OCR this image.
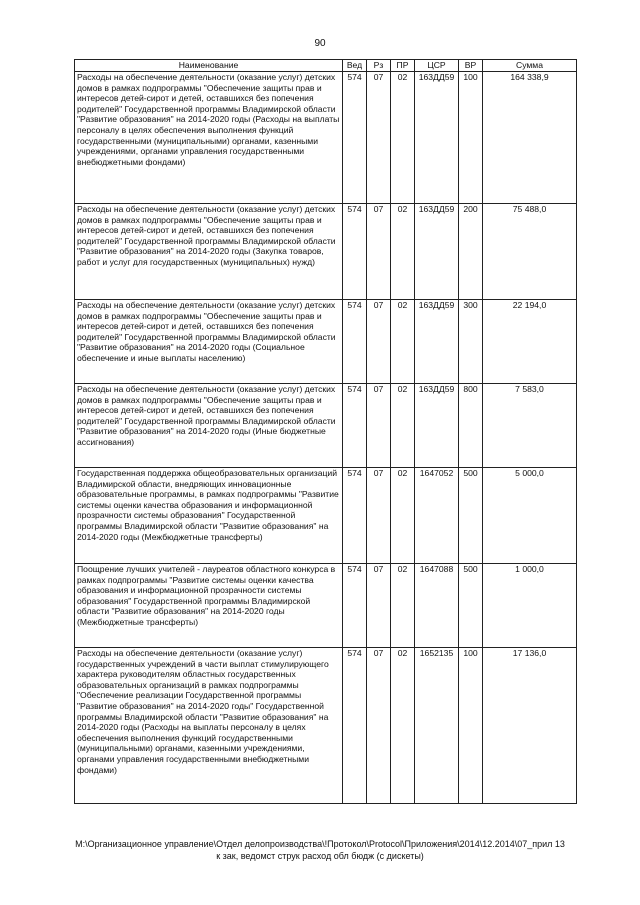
90
Наименование	Вед	Рз	ПР	ЦСР	ВР	Сумма
Расходы на обеспечение деятельности (оказание услуг) детских домов в рамках подпрограммы "Обеспечение защиты прав и интересов детей-сирот и детей, оставшихся без попечения родителей" Государственной программы Владимирской области "Развитие образования" на 2014-2020 годы (Расходы на выплаты персоналу в целях обеспечения выполнения функций государственными (муниципальными) органами, казенными учреждениями, органами управления государственными внебюджетными фондами)	574	07	02	163ДД59	100	164 338,9
Расходы на обеспечение деятельности (оказание услуг) детских домов в рамках подпрограммы "Обеспечение защиты прав и интересов детей-сирот и детей, оставшихся без попечения родителей" Государственной программы Владимирской области "Развитие образования" на 2014-2020 годы (Закупка товаров, работ и услуг для государственных (муниципальных) нужд)	574	07	02	163ДД59	200	75 488,0
Расходы на обеспечение деятельности (оказание услуг) детских домов в рамках подпрограммы "Обеспечение защиты прав и интересов детей-сирот и детей, оставшихся без попечения родителей" Государственной программы Владимирской области "Развитие образования" на 2014-2020 годы (Социальное обеспечение и иные выплаты населению)	574	07	02	163ДД59	300	22 194,0
Расходы на обеспечение деятельности (оказание услуг) детских домов в рамках подпрограммы "Обеспечение защиты прав и интересов детей-сирот и детей, оставшихся без попечения родителей" Государственной программы Владимирской области "Развитие образования" на 2014-2020 годы (Иные бюджетные ассигнования)	574	07	02	163ДД59	800	7 583,0
Государственная поддержка общеобразовательных организаций Владимирской области, внедряющих инновационные образовательные программы, в рамках подпрограммы "Развитие системы оценки качества образования и информационной прозрачности системы образования" Государственной программы Владимирской области "Развитие образования" на 2014-2020 годы (Межбюджетные трансферты)	574	07	02	1647052	500	5 000,0
Поощрение лучших учителей - лауреатов областного конкурса в рамках подпрограммы "Развитие системы оценки качества образования и информационной прозрачности системы образования" Государственной программы Владимирской области "Развитие образования" на 2014-2020 годы (Межбюджетные трансферты)	574	07	02	1647088	500	1 000,0
Расходы на обеспечение деятельности (оказание услуг) государственных учреждений в части выплат стимулирующего характера руководителям областных государственных образовательных организаций в рамках подпрограммы "Обеспечение реализации Государственной программы "Развитие образования" на 2014-2020 годы" Государственной программы Владимирской области "Развитие образования" на 2014-2020 годы (Расходы на выплаты персоналу в целях обеспечения выполнения функций государственными (муниципальными) органами, казенными учреждениями, органами управления государственными внебюджетными фондами)	574	07	02	1652135	100	17 136,0
М:\Организационное управление\Отдел делопроизводства\!Протокол\Protocol\Приложения\2014\12.2014\07_прил 13
к зак, ведомст струк расход обл бюдж (с дискеты)
